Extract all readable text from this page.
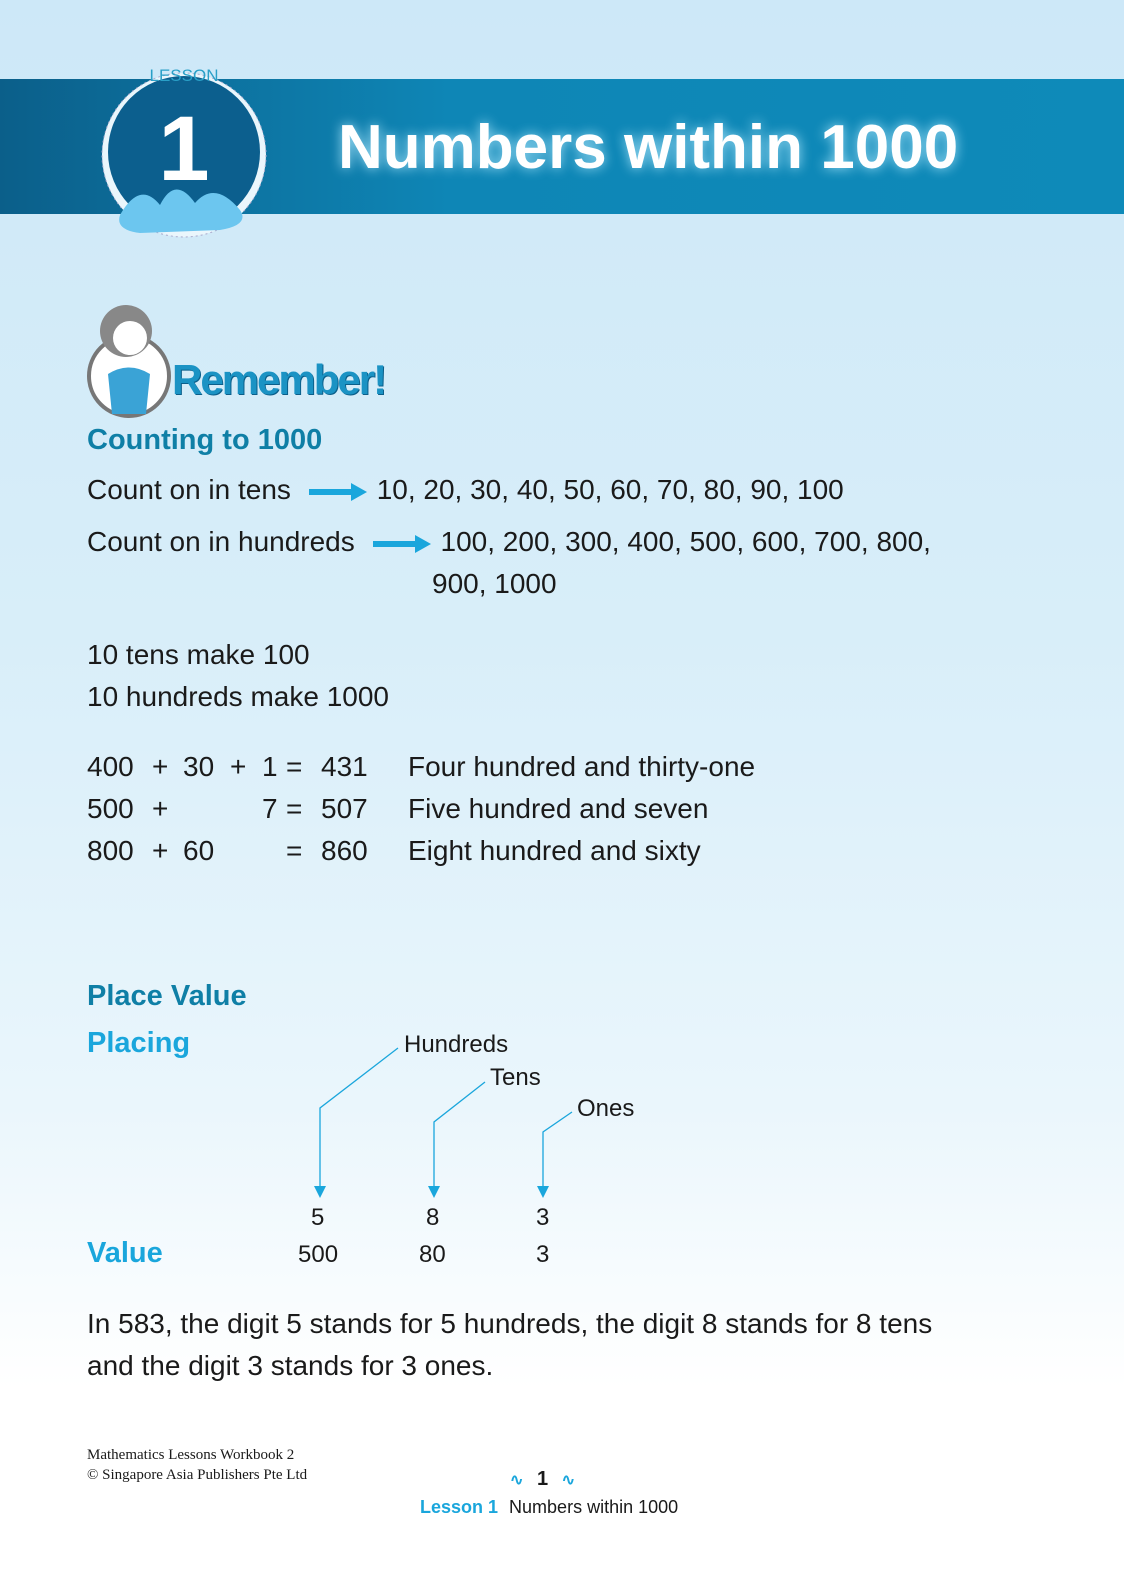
LESSON
1 Numbers within 1000
Remember!
Counting to 1000
Count on in tens	10, 20, 30, 40, 50, 60, 70, 80, 90, 100
Count on in hundreds	100, 200, 300, 400, 500, 600, 700, 800,
900, 1000
10 tens make 100
10 hundreds make 1000
400 + 30 + 1 = 431 Four hundred and thirty-one
500 +	7 = 507 Five hundred and seven
800 + 60	= 860 Eight hundred and sixty
Place Value
Placing
Value
Hundreds
Tens
Ones
5	8	3
500	80	3
In 583, the digit 5 stands for 5 hundreds, the digit 8 stands for 8 tens
and the digit 3 stands for 3 ones.
Mathematics Lessons Workbook 2
© Singapore Asia Publishers Pte Ltd	∿ 1 ∿
Lesson 1 Numbers within 1000
